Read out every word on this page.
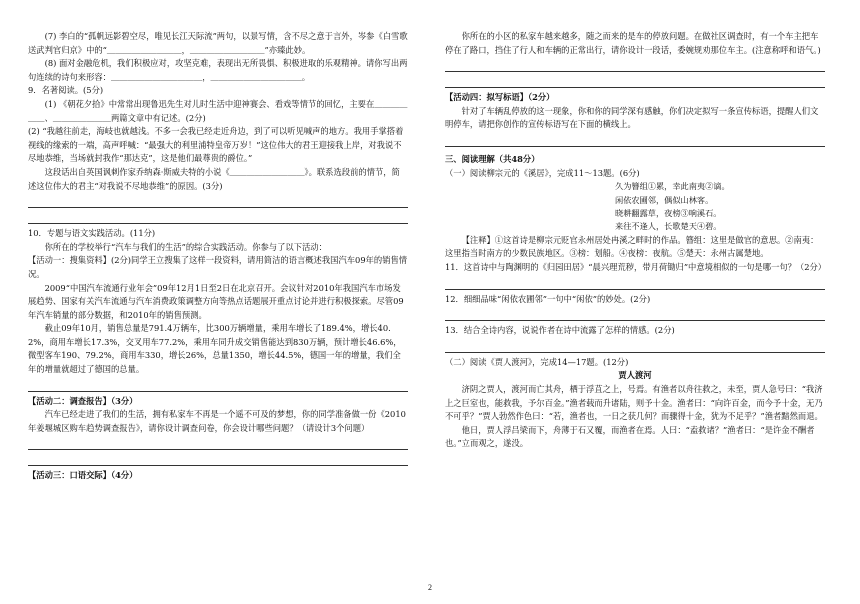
(7) 李白的“孤帆远影碧空尽，唯见长江天际流”两句，以景写情，含不尽之意于言外，岑参《白雪歌送武判官归京》中的“＿＿＿＿＿＿＿＿＿，＿＿＿＿＿＿＿＿＿”亦臻此妙。

(8) 面对金融危机，我们积极应对，攻坚克难，表现出无所畏惧、积极进取的乐观精神。请你写出两句连续的诗句来形容：＿＿＿＿＿＿＿＿＿＿＿，＿＿＿＿＿＿＿＿＿＿＿。

9．名著阅读。(5分)

(1) 《朝花夕拾》中常常出现鲁迅先生对儿时生活中迎神赛会、看戏等情节的回忆，主要在＿＿＿＿＿＿、＿＿＿＿＿＿＿两篇文章中有记述。(2分)

(2) “我越往前走，海岐也就越浅。不多一会我已经走近舟边，到了可以听见喊声的地方。我用手掌搭着视线的缘索的一端，高声呼喊：“最强大的利里浦特皇帝万岁！”这位伟大的君王迎接我上岸，对我说不尽地恭维，当场就封我作“那达克”，这是他们最尊贵的爵位。”

这段话出自英国讽刺作家乔纳森·斯威夫特的小说《＿＿＿＿＿＿＿＿＿》。联系选段前的情节，简述这位伟大的君主“对我说不尽地恭维”的原因。(3分)

10．专题与语文实践活动。(11分)

你所在的学校举行“汽车与我们的生活”的综合实践活动。你参与了以下活动：

【活动一：搜集资料】(2分)同学王立搜集了这样一段资料，请用简洁的语言概述我国汽车09年的销售情况。

2009“中国汽车流通行业年会”09年12月1日至2日在北京召开。会议针对2010年我国汽车市场发展趋势、国家有关汽车流通与汽车消费政策调整方向等热点话题展开重点讨论并进行积极探索。尽管09年汽车销量的部分数据，和2010年的销售预测。

截止09年10月，销售总量是791.4万辆车，比300万辆增量，乘用车增长了189.4%，增长40.2%，商用车增长17.3%，交叉用车77.2%，乘用车同升成交销售能达到830万辆，预计增长46.6%，微型客车190、79.2%，商用车330，增长26%，总量1350，增长44.5%，德国一年的增量，我们全年的增量就超过了德国的总量。

【活动二：调查报告】（3分）

汽车已经走进了我们的生活，拥有私家车不再是一个遥不可及的梦想，你的同学准备做一份《2010年姜堰城区购车趋势调查报告》，请你设计调查问卷，你会设计哪些问题？（请设计3个问题）

【活动三：口语交际】（4分）

你所在的小区的私家车越来越多，随之而来的是车的停放问题。在做社区调查时，有一个车主把车停在了路口，挡住了行人和车辆的正常出行，请你设计一段话，委婉规劝那位车主。(注意称呼和语气。)

【活动四：拟写标语】（2分）

针对了车辆乱停放的这一现象，你和你的同学深有感触，你们决定拟写一条宣传标语，提醒人们文明停车，请把你创作的宣传标语写在下面的横线上。

三、阅读理解（共48分）

（一）阅读柳宗元的《溪居》，完成11～13题。(6分)

久为簪组①累，幸此南夷②谪。

闲依农圃邻，偶似山林客。

晓耕翻露草，夜榜③响溪石。

来往不逢人，长歌楚天④碧。

【注释】①这首诗是柳宗元贬官永州居处冉溪之畔时的作品。簪组：这里是做官的意思。②南夷：这里指当时南方的少数民族地区。③榜：划船。④夜榜：夜航。⑤楚天：永州古属楚地。

11．这首诗中与陶渊明的《归园田居》“晨兴理荒秽，带月荷锄归”中意境相似的一句是哪一句？（2分）

12．细细品味“闲依农圃邻”一句中“闲依”的妙处。(2分)

13．结合全诗内容，说说作者在诗中流露了怎样的情感。(2分)

（二）阅读《贾人渡河》，完成14—17题。(12分)

贾人渡河

济阴之贾人，渡河而亡其舟，栖于浮苴之上，号焉。有渔者以舟往救之，未至，贾人急号曰：“我济上之巨室也，能救我，予尔百金。”渔者载而升诸陆，则予十金。渔者曰：“向许百金，而今予十金，无乃不可乎？”贾人勃然作色曰：“若，渔者也，一日之获几何？而骤得十金，犹为不足乎？”渔者黯然而退。

他日，贾人浮吕梁而下，舟薄于石又覆，而渔者在焉。人曰：“盍救诸？”渔者曰：“是许金不酬者也。”立而观之，遂没。

2
